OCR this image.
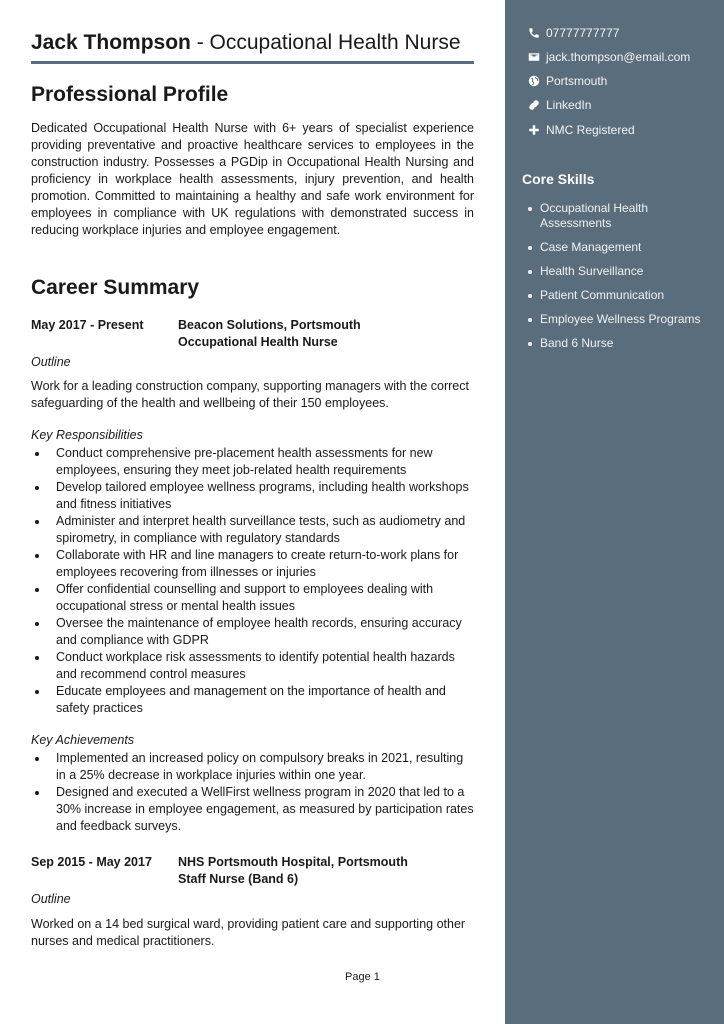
Jack Thompson - Occupational Health Nurse
Professional Profile

Dedicated Occupational Health Nurse with 6+ years of specialist experience providing preventative and proactive healthcare services to employees in the construction industry. Possesses a PGDip in Occupational Health Nursing and proficiency in workplace health assessments, injury prevention, and health promotion. Committed to maintaining a healthy and safe work environment for employees in compliance with UK regulations with demonstrated success in reducing workplace injuries and employee engagement.

Career Summary
May 2017 - Present	Beacon Solutions, Portsmouth
Occupational Health Nurse
Outline

Work for a leading construction company, supporting managers with the correct safeguarding of the health and wellbeing of their 150 employees.

Key Responsibilities
Conduct comprehensive pre-placement health assessments for new employees, ensuring they meet job-related health requirements
Develop tailored employee wellness programs, including health workshops and fitness initiatives
Administer and interpret health surveillance tests, such as audiometry and spirometry, in compliance with regulatory standards
Collaborate with HR and line managers to create return-to-work plans for employees recovering from illnesses or injuries
Offer confidential counselling and support to employees dealing with occupational stress or mental health issues
Oversee the maintenance of employee health records, ensuring accuracy and compliance with GDPR
Conduct workplace risk assessments to identify potential health hazards and recommend control measures
Educate employees and management on the importance of health and safety practices
Key Achievements
Implemented an increased policy on compulsory breaks in 2021, resulting in a 25% decrease in workplace injuries within one year.
Designed and executed a WellFirst wellness program in 2020 that led to a 30% increase in employee engagement, as measured by participation rates and feedback surveys.
Sep 2015 - May 2017 NHS Portsmouth Hospital, Portsmouth
Staff Nurse (Band 6)
Outline

Worked on a 14 bed surgical ward, providing patient care and supporting other nurses and medical practitioners.

Page 1
07777777777
jack.thompson@email.com
Portsmouth
LinkedIn
NMC Registered
Core Skills
Occupational Health Assessments
Case Management
Health Surveillance
Patient Communication
Employee Wellness Programs
Band 6 Nurse
